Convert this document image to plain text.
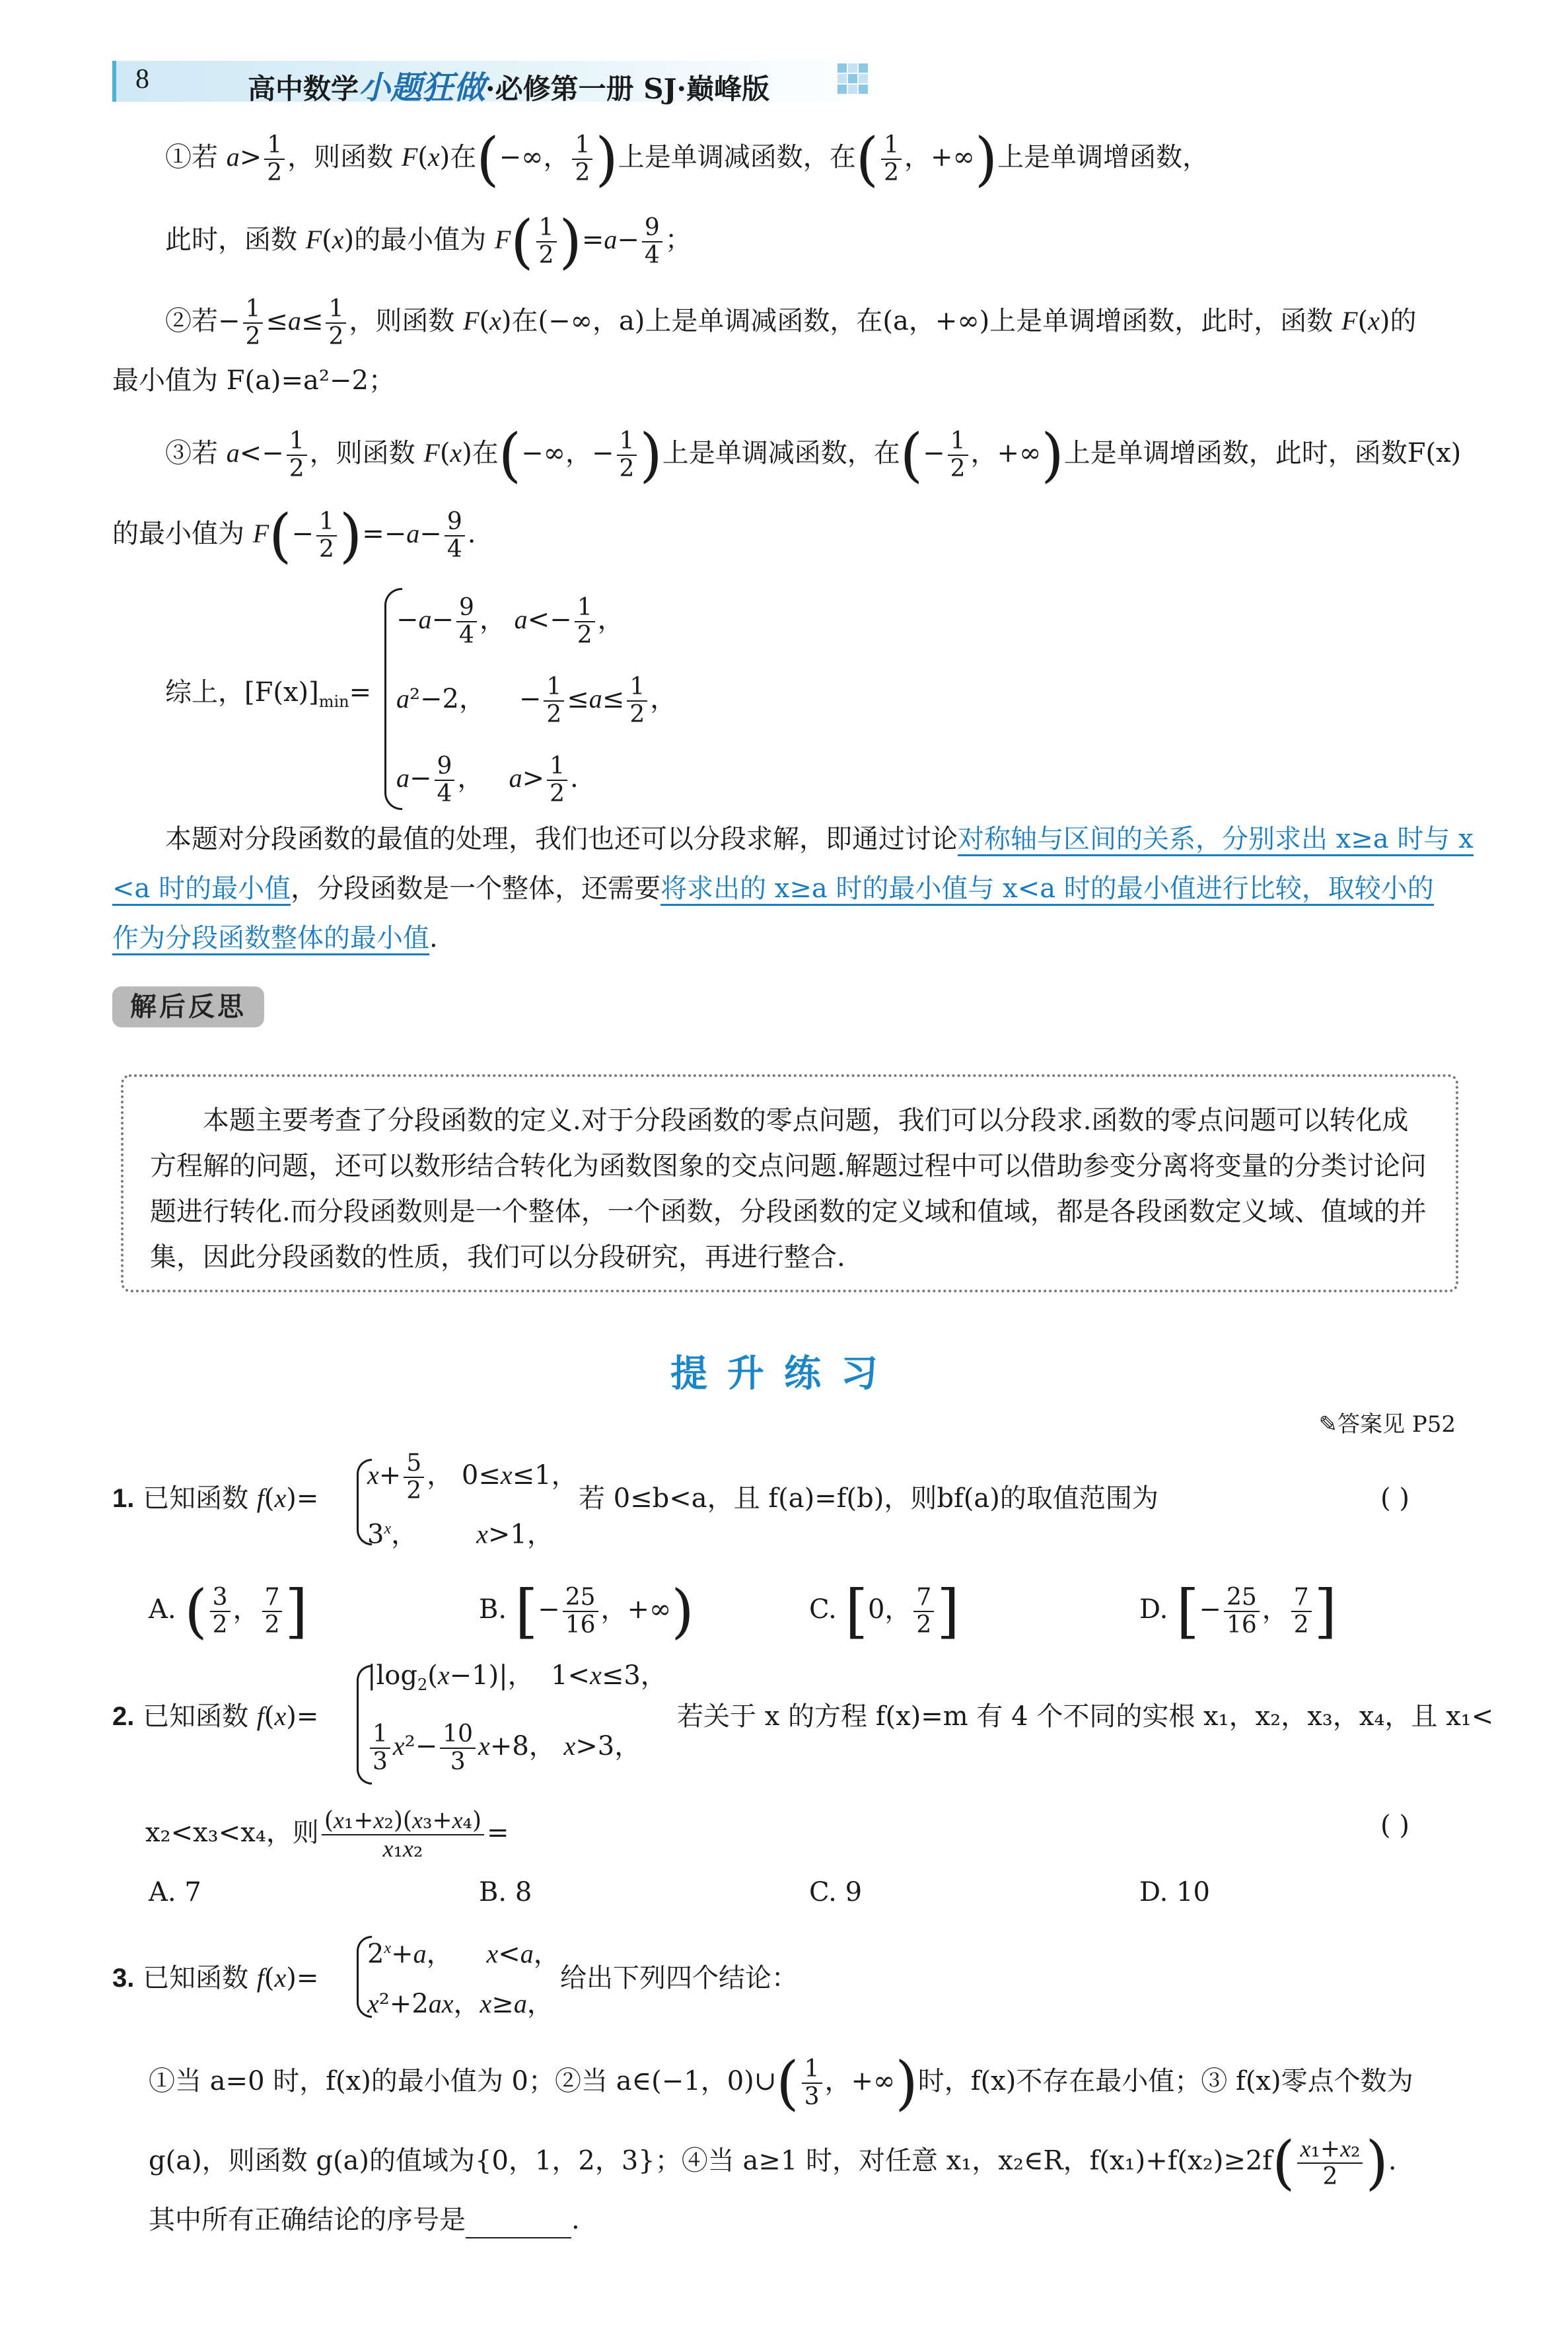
8	高中数学小题狂做·必修第一册 SJ·巅峰版
①若 $a> \frac{1}{2}$ ，则函数 F(x)在(−∞， $\frac{1}{2}$ )上是单调减函数，在( $\frac{1}{2}$ ，+∞)上是单调增函数，
此时，函数 F(x)的最小值为 $F( \frac{1}{2} )=a- \frac{9}{4}$ ；
②若− $\frac{1}{2} \le a\le \frac{1}{2}$ ，则函数 F(x)在(−∞，a)上是单调减函数，在(a，+∞)上是单调增函数，此时，函数 F(x)的
最小值为 F(a)=a²−2；
③若 $a<- \frac{1}{2}$ ，则函数 F(x)在(−∞，− $\frac{1}{2}$ )上是单调减函数，在(− $\frac{1}{2}$ ，+∞)上是单调增函数，此时，函数F(x)
的最小值为 $F(- \frac{1}{2} )=-a- \frac{9}{4}$ .
综上，$[F(x)]_{min}=$
$-a- \frac{9}{4}$ ， $a<- \frac{1}{2}$ ，
a²−2，    − $\frac{1}{2} \le a\le \frac{1}{2}$ ，
$a- \frac{9}{4}$ ，   $a> \frac{1}{2}$ .
本题对分段函数的最值的处理，我们也还可以分段求解，即通过讨论对称轴与区间的关系，分别求出 x≥a 时与 x
<a 时的最小值，分段函数是一个整体，还需要将求出的 x≥a 时的最小值与 x<a 时的最小值进行比较，取较小的
作为分段函数整体的最小值.
解后反思
本题主要考查了分段函数的定义.对于分段函数的零点问题，我们可以分段求.函数的零点问题可以转化成方程解的问题，还可以数形结合转化为函数图象的交点问题.解题过程中可以借助参变分离将变量的分类讨论问题进行转化.而分段函数则是一个整体，一个函数，分段函数的定义域和值域，都是各段函数定义域、值域的并集，因此分段函数的性质，我们可以分段研究，再进行整合.
提升练习
✎答案见 P52
1. 已知函数 f(x)=
$x+ \frac{5}{2}$ ， 0≤x≤1，
3$^x$，       x>1，
若 0≤b<a，且 f(a)=f(b)，则bf(a)的取值范围为	( )
A. ( $\frac{3}{2}$ ， $\frac{7}{2}$ ]	B. [− $\frac{25}{16}$ ，+∞)	C. [0， $\frac{7}{2}$ ]	D. [− $\frac{25}{16}$ ， $\frac{7}{2}$ ]
2. 已知函数 f(x)=
$|\log_2(x-1)|$，  1<x≤3，
$\frac{1}{3} x^2- \frac{10}{3} x+8$， x>3，
若关于 x 的方程 f(x)=m 有 4 个不同的实根 x₁，x₂，x₃，x₄，且 x₁<
x₂<x₃<x₄，则 $\frac{\text{(x₁+x₂)(x₃+x₄)}}{\text{x₁x₂}}$ =	( )
A. 7	B. 8	C. 9	D. 10
3. 已知函数 f(x)=
$2^x+a$，    x<a，
x²+2ax，x≥a，
给出下列四个结论：
①当 a=0 时，f(x)的最小值为 0；②当 a∈(−1，0)∪( $\frac{1}{3}$ ，+∞)时，f(x)不存在最小值；③ f(x)零点个数为
g(a)，则函数 g(a)的值域为{0，1，2，3}；④当 a≥1 时，对任意 x₁，x₂∈R，$f(x_1)+f(x_2)\ge 2f( \frac{\text{x₁+x₂}}{2}$ ).
其中所有正确结论的序号是	.
